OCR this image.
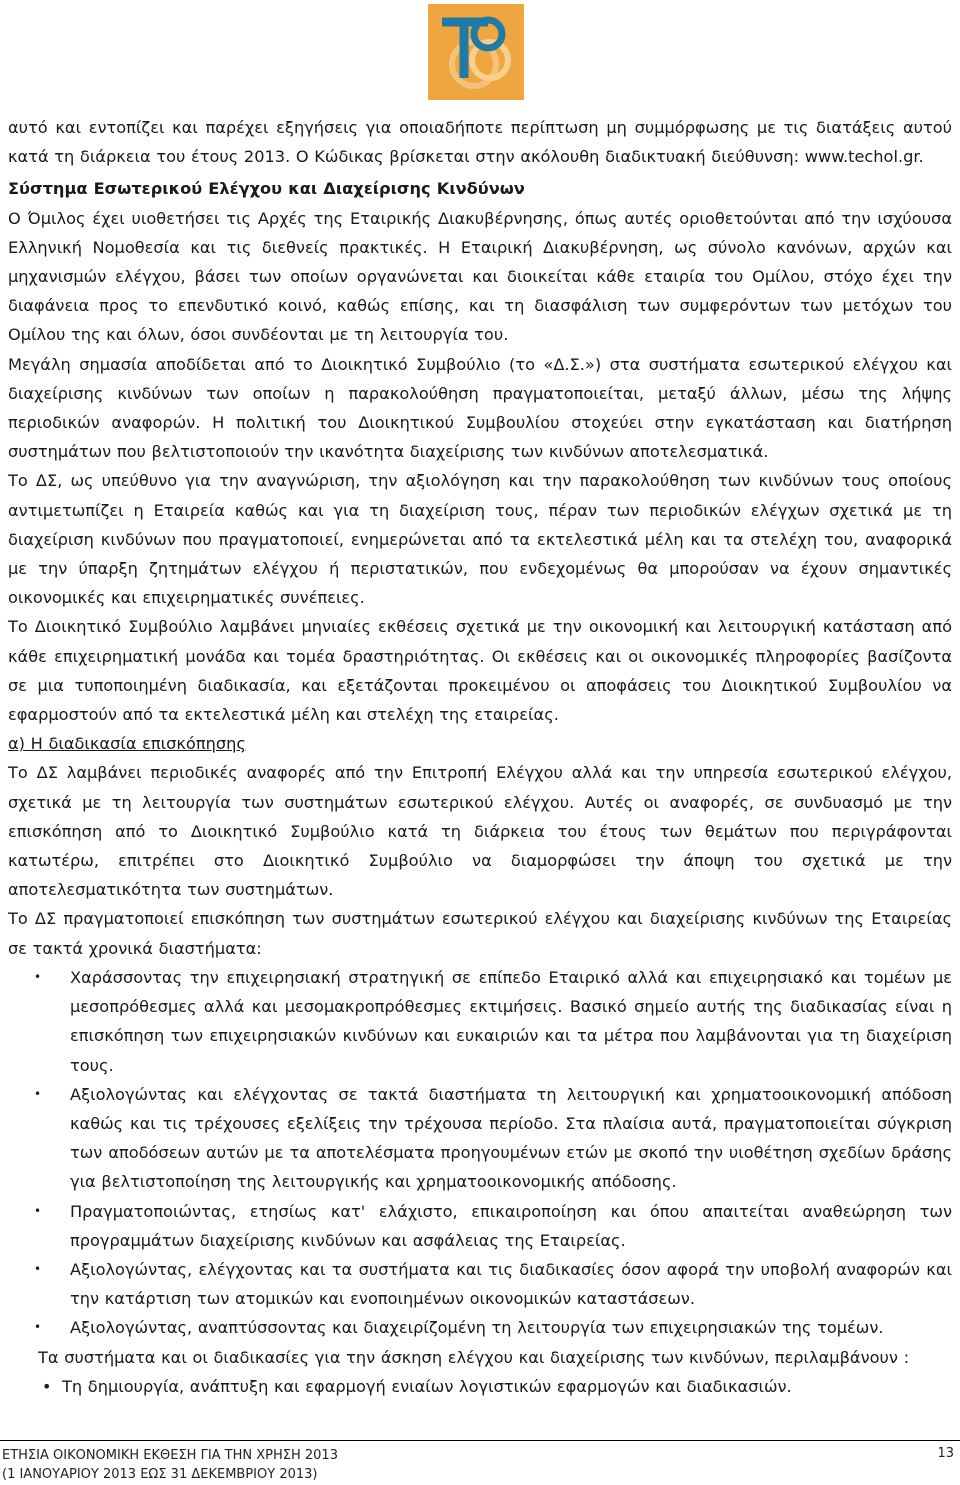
αυτό και εντοπίζει και παρέχει εξηγήσεις για οποιαδήποτε περίπτωση μη συμμόρφωσης με τις διατάξεις αυτού κατά τη διάρκεια του έτους 2013. Ο Κώδικας βρίσκεται στην ακόλουθη διαδικτυακή διεύθυνση: www.techol.gr.

Σύστημα Εσωτερικού Ελέγχου και Διαχείρισης Κινδύνων

Ο Όμιλος έχει υιοθετήσει τις Αρχές της Εταιρικής Διακυβέρνησης, όπως αυτές οριοθετούνται από την ισχύουσα Ελληνική Νομοθεσία και τις διεθνείς πρακτικές. Η Εταιρική Διακυβέρνηση, ως σύνολο κανόνων, αρχών και μηχανισμών ελέγχου, βάσει των οποίων οργανώνεται και διοικείται κάθε εταιρία του Ομίλου, στόχο έχει την διαφάνεια προς το επενδυτικό κοινό, καθώς επίσης, και τη διασφάλιση των συμφερόντων των μετόχων του Ομίλου της και όλων, όσοι συνδέονται με τη λειτουργία του.

Μεγάλη σημασία αποδίδεται από το Διοικητικό Συμβούλιο (το «Δ.Σ.») στα συστήματα εσωτερικού ελέγχου και διαχείρισης κινδύνων των οποίων η παρακολούθηση πραγματοποιείται, μεταξύ άλλων, μέσω της λήψης περιοδικών αναφορών. Η πολιτική του Διοικητικού Συμβουλίου στοχεύει στην εγκατάσταση και διατήρηση συστημάτων που βελτιστοποιούν την ικανότητα διαχείρισης των κινδύνων αποτελεσματικά.

Το ΔΣ, ως υπεύθυνο για την αναγνώριση, την αξιολόγηση και την παρακολούθηση των κινδύνων τους οποίους αντιμετωπίζει η Εταιρεία καθώς και για τη διαχείριση τους, πέραν των περιοδικών ελέγχων σχετικά με τη διαχείριση κινδύνων που πραγματοποιεί, ενημερώνεται από τα εκτελεστικά μέλη και τα στελέχη του, αναφορικά με την ύπαρξη ζητημάτων ελέγχου ή περιστατικών, που ενδεχομένως θα μπορούσαν να έχουν σημαντικές οικονομικές και επιχειρηματικές συνέπειες.

Το Διοικητικό Συμβούλιο λαμβάνει μηνιαίες εκθέσεις σχετικά με την οικονομική και λειτουργική κατάσταση από κάθε επιχειρηματική μονάδα και τομέα δραστηριότητας. Οι εκθέσεις και οι οικονομικές πληροφορίες βασίζοντα σε μια τυποποιημένη διαδικασία, και εξετάζονται προκειμένου οι αποφάσεις του Διοικητικού Συμβουλίου να εφαρμοστούν από τα εκτελεστικά μέλη και στελέχη της εταιρείας.

α) Η διαδικασία επισκόπησης

Το ΔΣ λαμβάνει περιοδικές αναφορές από την Επιτροπή Ελέγχου αλλά και την υπηρεσία εσωτερικού ελέγχου, σχετικά με τη λειτουργία των συστημάτων εσωτερικού ελέγχου. Αυτές οι αναφορές, σε συνδυασμό με την επισκόπηση από το Διοικητικό Συμβούλιο κατά τη διάρκεια του έτους των θεμάτων που περιγράφονται κατωτέρω, επιτρέπει στο Διοικητικό Συμβούλιο να διαμορφώσει την άποψη του σχετικά με την αποτελεσματικότητα των συστημάτων.

Το ΔΣ πραγματοποιεί επισκόπηση των συστημάτων εσωτερικού ελέγχου και διαχείρισης κινδύνων της Εταιρείας σε τακτά χρονικά διαστήματα:

• Χαράσσοντας την επιχειρησιακή στρατηγική σε επίπεδο Εταιρικό αλλά και επιχειρησιακό και τομέων με μεσοπρόθεσμες αλλά και μεσομακροπρόθεσμες εκτιμήσεις. Βασικό σημείο αυτής της διαδικασίας είναι η επισκόπηση των επιχειρησιακών κινδύνων και ευκαιριών και τα μέτρα που λαμβάνονται για τη διαχείριση τους.

• Αξιολογώντας και ελέγχοντας σε τακτά διαστήματα τη λειτουργική και χρηματοοικονομική απόδοση καθώς και τις τρέχουσες εξελίξεις την τρέχουσα περίοδο. Στα πλαίσια αυτά, πραγματοποιείται σύγκριση των αποδόσεων αυτών με τα αποτελέσματα προηγουμένων ετών με σκοπό την υιοθέτηση σχεδίων δράσης για βελτιστοποίηση της λειτουργικής και χρηματοοικονομικής απόδοσης.

• Πραγματοποιώντας, ετησίως κατ' ελάχιστο, επικαιροποίηση και όπου απαιτείται αναθεώρηση των προγραμμάτων διαχείρισης κινδύνων και ασφάλειας της Εταιρείας.

• Αξιολογώντας, ελέγχοντας και τα συστήματα και τις διαδικασίες όσον αφορά την υποβολή αναφορών και την κατάρτιση των ατομικών και ενοποιημένων οικονομικών καταστάσεων.

• Αξιολογώντας, αναπτύσσοντας και διαχειρίζομένη τη λειτουργία των επιχειρησιακών της τομέων.

Τα συστήματα και οι διαδικασίες για την άσκηση ελέγχου και διαχείρισης των κινδύνων, περιλαμβάνουν :

• Τη δημιουργία, ανάπτυξη και εφαρμογή ενιαίων λογιστικών εφαρμογών και διαδικασιών.

ΕΤΗΣΙΑ ΟΙΚΟΝΟΜΙΚΗ ΕΚΘΕΣΗ ΓΙΑ ΤΗΝ ΧΡΗΣΗ 2013
(1 ΙΑΝΟΥΑΡΙΟΥ 2013 ΕΩΣ 31 ΔΕΚΕΜΒΡΙΟΥ 2013)
13
